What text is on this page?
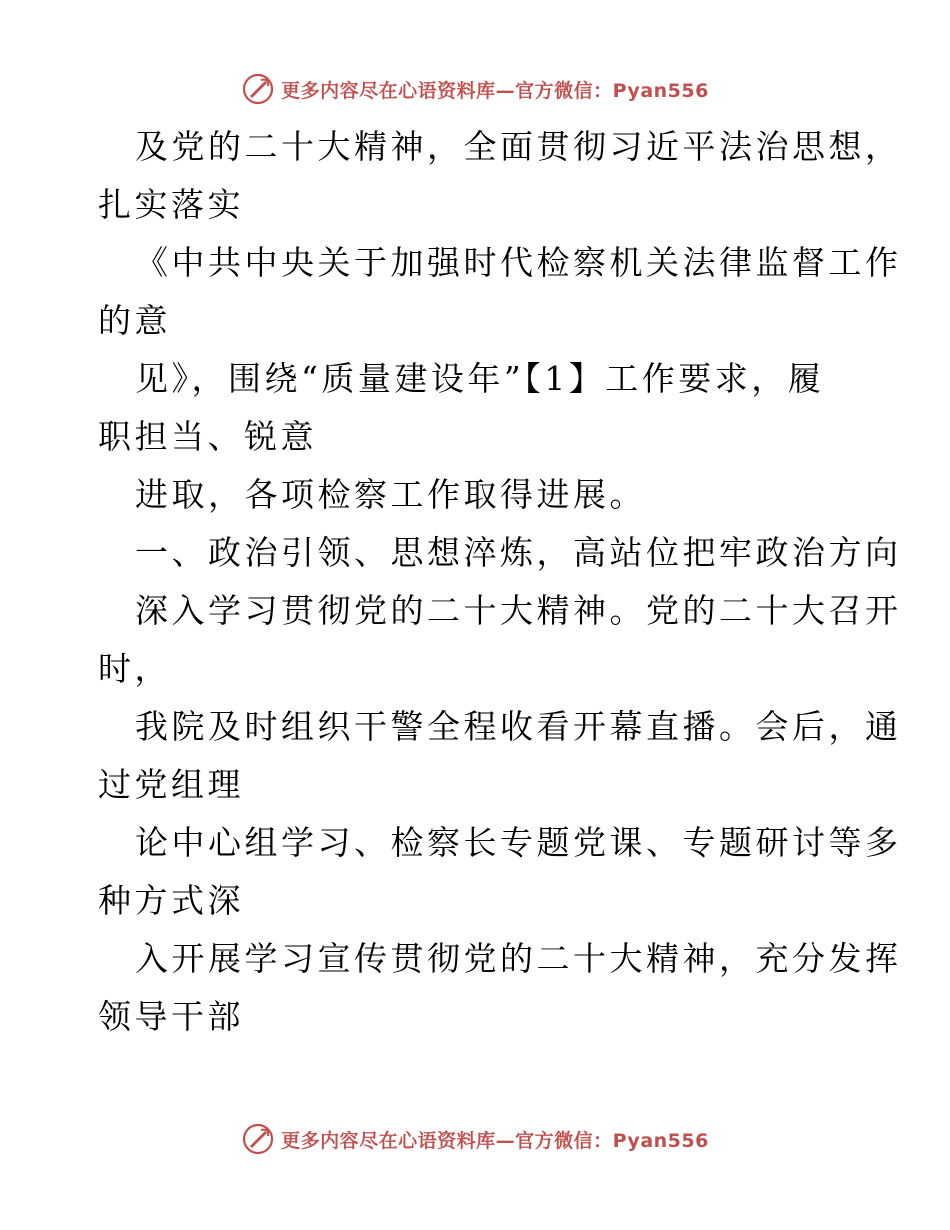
更多内容尽在心语资料库—官方微信：Pyan556
及党的二十大精神，全面贯彻习近平法治思想，
扎实落实
《中共中央关于加强时代检察机关法律监督工作
的意
见》，围绕“质量建设年”【1】工作要求，履
职担当、锐意
进取，各项检察工作取得进展。
一、政治引领、思想淬炼，高站位把牢政治方向
深入学习贯彻党的二十大精神。党的二十大召开
时，
我院及时组织干警全程收看开幕直播。会后，通
过党组理
论中心组学习、检察长专题党课、专题研讨等多
种方式深
入开展学习宣传贯彻党的二十大精神，充分发挥
领导干部
更多内容尽在心语资料库—官方微信：Pyan556
